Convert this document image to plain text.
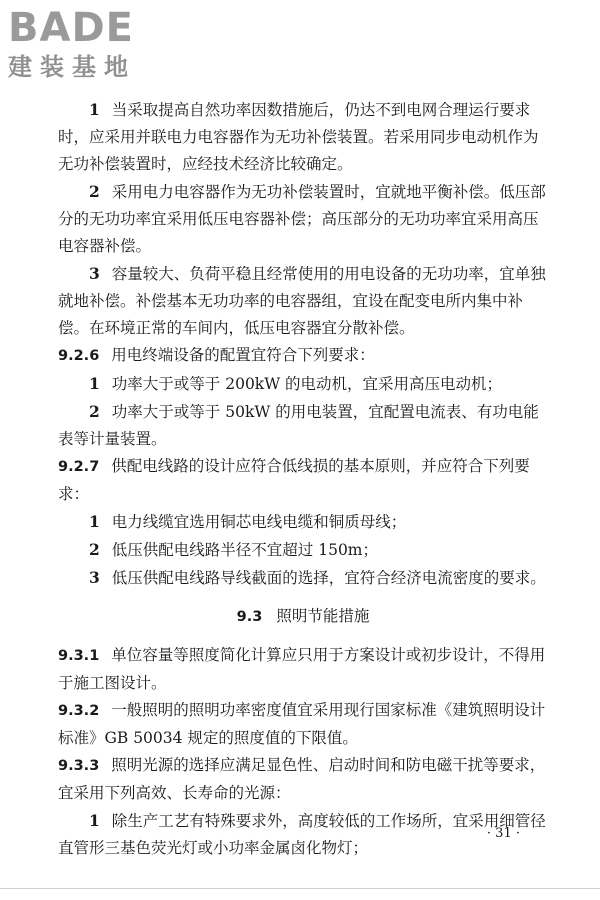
BADE
建装基地

1 当采取提高自然功率因数措施后，仍达不到电网合理运行要求时，应采用并联电力电容器作为无功补偿装置。若采用同步电动机作为无功补偿装置时，应经技术经济比较确定。

2 采用电力电容器作为无功补偿装置时，宜就地平衡补偿。低压部分的无功功率宜采用低压电容器补偿；高压部分的无功功率宜采用高压电容器补偿。

3 容量较大、负荷平稳且经常使用的用电设备的无功功率，宜单独就地补偿。补偿基本无功功率的电容器组，宜设在配变电所内集中补偿。在环境正常的车间内，低压电容器宜分散补偿。

9.2.6 用电终端设备的配置宜符合下列要求：

1 功率大于或等于 200kW 的电动机，宜采用高压电动机；

2 功率大于或等于 50kW 的用电装置，宜配置电流表、有功电能表等计量装置。

9.2.7 供配电线路的设计应符合低线损的基本原则，并应符合下列要求：

1 电力线缆宜选用铜芯电线电缆和铜质母线；

2 低压供配电线路半径不宜超过 150m；

3 低压供配电线路导线截面的选择，宜符合经济电流密度的要求。

9.3 照明节能措施

9.3.1 单位容量等照度简化计算应只用于方案设计或初步设计，不得用于施工图设计。

9.3.2 一般照明的照明功率密度值宜采用现行国家标准《建筑照明设计标准》GB 50034 规定的照度值的下限值。

9.3.3 照明光源的选择应满足显色性、启动时间和防电磁干扰等要求，宜采用下列高效、长寿命的光源：

1 除生产工艺有特殊要求外，高度较低的工作场所，宜采用细管径直管形三基色荧光灯或小功率金属卤化物灯；

· 31 ·
